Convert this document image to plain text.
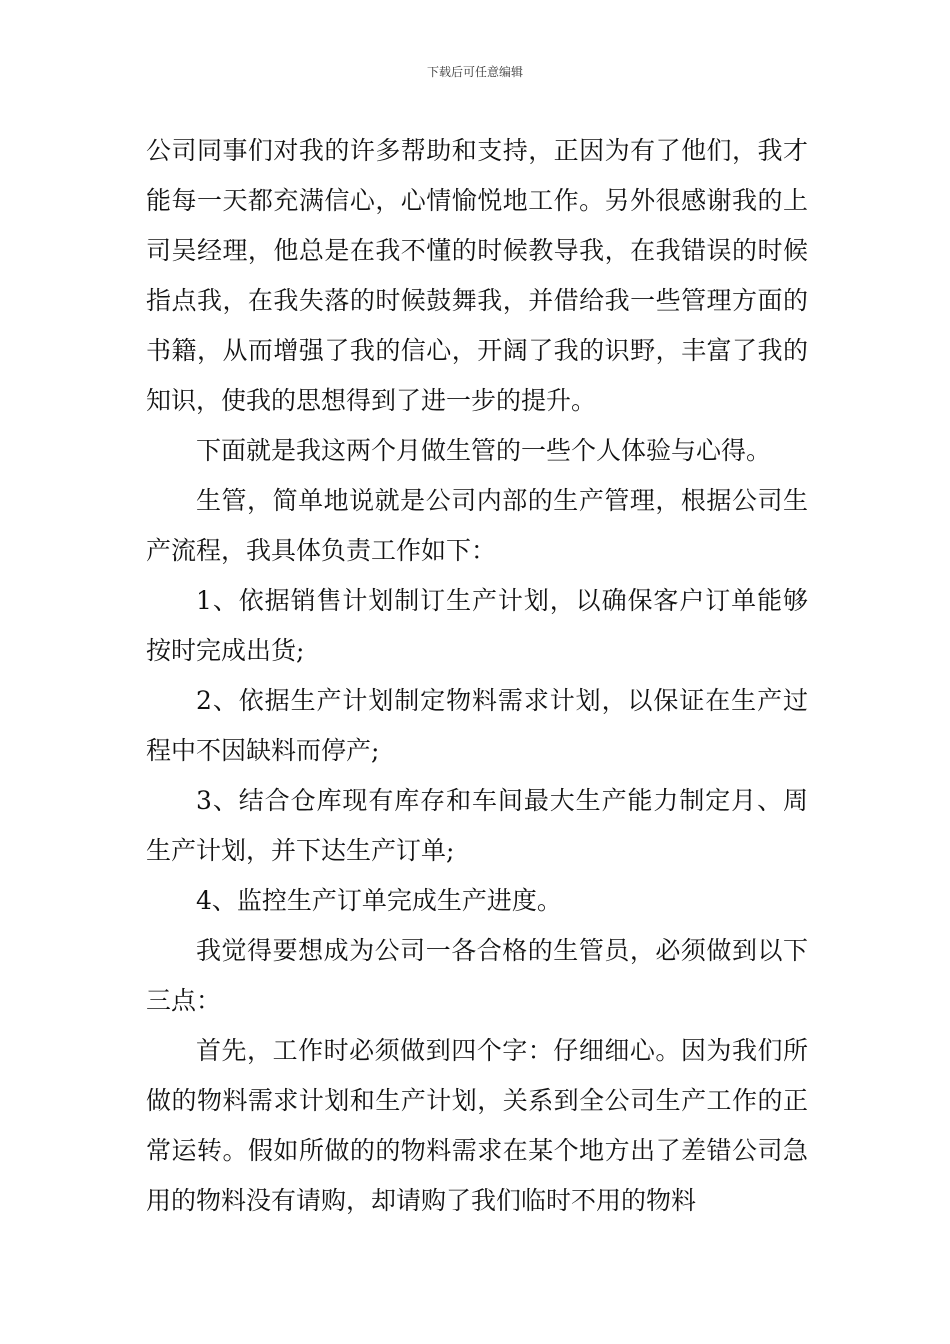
下载后可任意编辑

公司同事们对我的许多帮助和支持，正因为有了他们，我才能每一天都充满信心，心情愉悦地工作。另外很感谢我的上司吴经理，他总是在我不懂的时候教导我，在我错误的时候指点我，在我失落的时候鼓舞我，并借给我一些管理方面的书籍，从而增强了我的信心，开阔了我的识野，丰富了我的知识，使我的思想得到了进一步的提升。

下面就是我这两个月做生管的一些个人体验与心得。

生管，简单地说就是公司内部的生产管理，根据公司生产流程，我具体负责工作如下：

1、依据销售计划制订生产计划，以确保客户订单能够按时完成出货;

2、依据生产计划制定物料需求计划，以保证在生产过程中不因缺料而停产;

3、结合仓库现有库存和车间最大生产能力制定月、周生产计划，并下达生产订单;

4、监控生产订单完成生产进度。

我觉得要想成为公司一各合格的生管员，必须做到以下三点：

首先，工作时必须做到四个字：仔细细心。因为我们所做的物料需求计划和生产计划，关系到全公司生产工作的正常运转。假如所做的的物料需求在某个地方出了差错公司急用的物料没有请购，却请购了我们临时不用的物料
